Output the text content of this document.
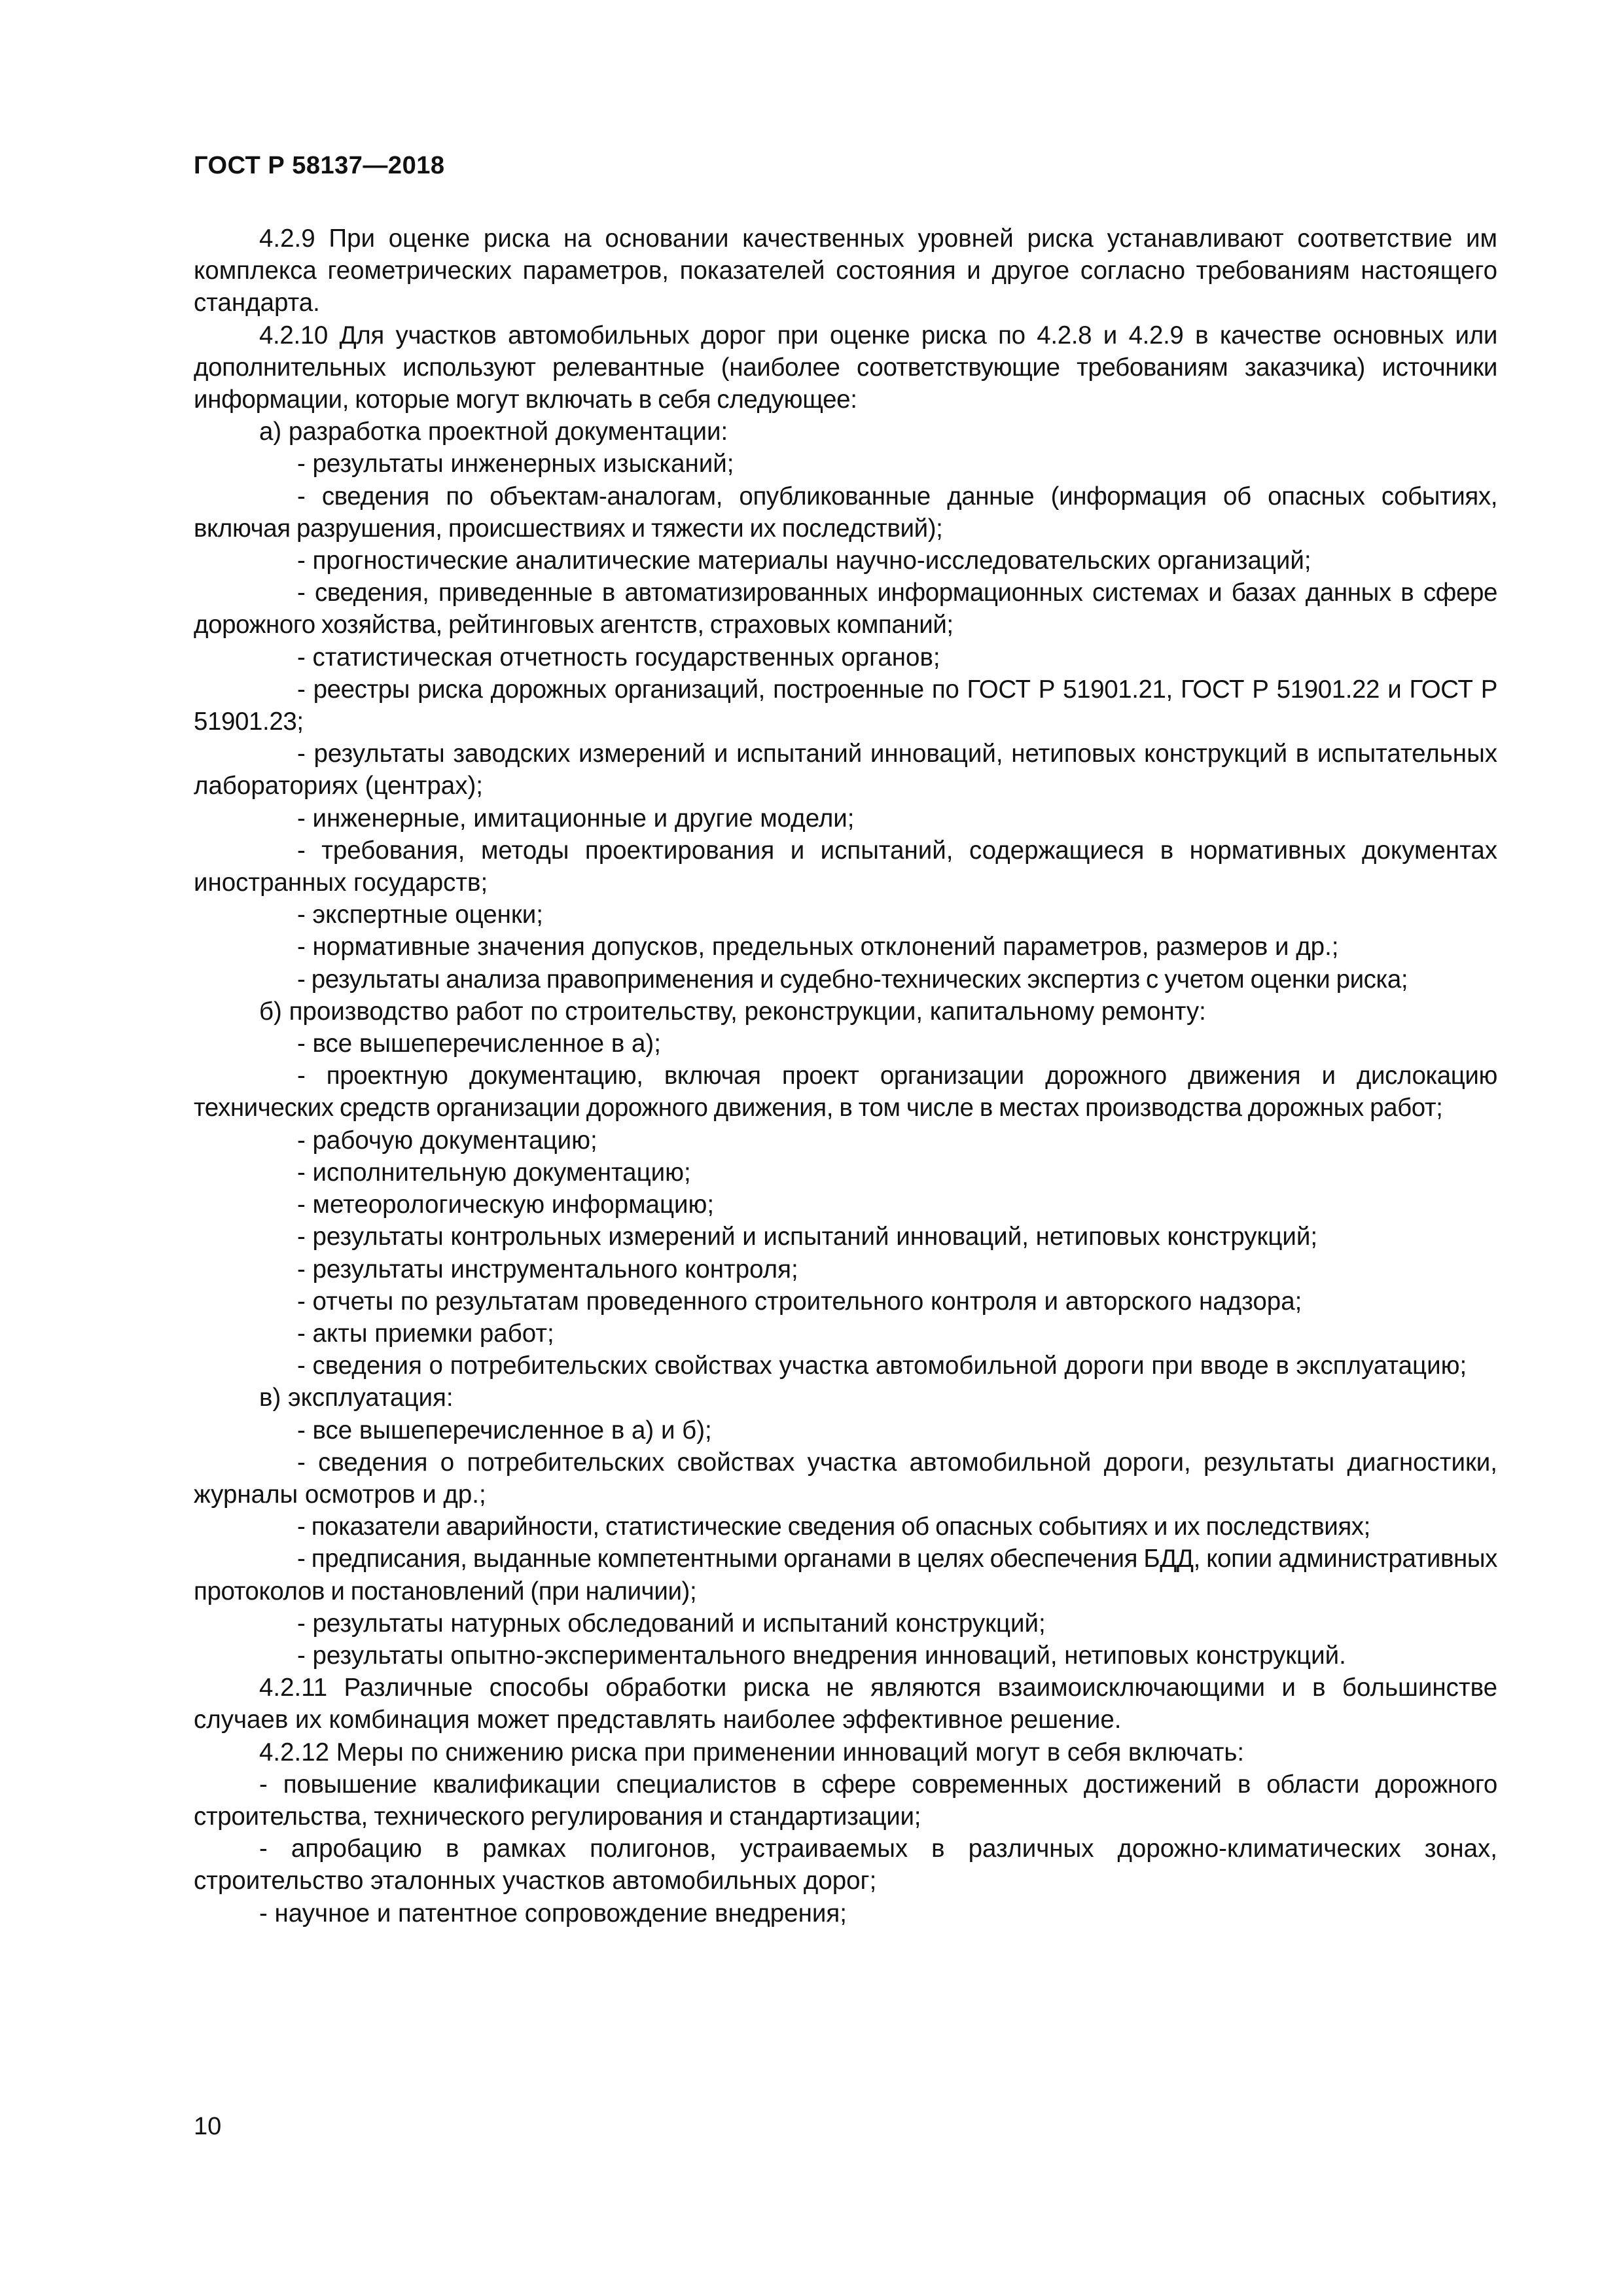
ГОСТ Р 58137—2018

4.2.9 При оценке риска на основании качественных уровней риска устанавливают соответствие им комплекса геометрических параметров, показателей состояния и другое согласно требованиям настоящего стандарта.

4.2.10 Для участков автомобильных дорог при оценке риска по 4.2.8 и 4.2.9 в качестве основных или дополнительных используют релевантные (наиболее соответствующие требованиям заказчика) источники информации, которые могут включать в себя следующее:

а) разработка проектной документации:

- результаты инженерных изысканий;

- сведения по объектам-аналогам, опубликованные данные (информация об опасных событиях, включая разрушения, происшествиях и тяжести их последствий);

- прогностические аналитические материалы научно-исследовательских организаций;

- сведения, приведенные в автоматизированных информационных системах и базах данных в сфере дорожного хозяйства, рейтинговых агентств, страховых компаний;

- статистическая отчетность государственных органов;

- реестры риска дорожных организаций, построенные по ГОСТ Р 51901.21, ГОСТ Р 51901.22 и ГОСТ Р 51901.23;

- результаты заводских измерений и испытаний инноваций, нетиповых конструкций в испытательных лабораториях (центрах);

- инженерные, имитационные и другие модели;

- требования, методы проектирования и испытаний, содержащиеся в нормативных документах иностранных государств;

- экспертные оценки;

- нормативные значения допусков, предельных отклонений параметров, размеров и др.;

- результаты анализа правоприменения и судебно-технических экспертиз с учетом оценки риска;

б) производство работ по строительству, реконструкции, капитальному ремонту:

- все вышеперечисленное в а);

- проектную документацию, включая проект организации дорожного движения и дислокацию технических средств организации дорожного движения, в том числе в местах производства дорожных работ;

- рабочую документацию;

- исполнительную документацию;

- метеорологическую информацию;

- результаты контрольных измерений и испытаний инноваций, нетиповых конструкций;

- результаты инструментального контроля;

- отчеты по результатам проведенного строительного контроля и авторского надзора;

- акты приемки работ;

- сведения о потребительских свойствах участка автомобильной дороги при вводе в эксплуатацию;

в) эксплуатация:

- все вышеперечисленное в а) и б);

- сведения о потребительских свойствах участка автомобильной дороги, результаты диагностики, журналы осмотров и др.;

- показатели аварийности, статистические сведения об опасных событиях и их последствиях;

- предписания, выданные компетентными органами в целях обеспечения БДД, копии административных протоколов и постановлений (при наличии);

- результаты натурных обследований и испытаний конструкций;

- результаты опытно-экспериментального внедрения инноваций, нетиповых конструкций.

4.2.11 Различные способы обработки риска не являются взаимоисключающими и в большинстве случаев их комбинация может представлять наиболее эффективное решение.

4.2.12 Меры по снижению риска при применении инноваций могут в себя включать:

- повышение квалификации специалистов в сфере современных достижений в области дорожного строительства, технического регулирования и стандартизации;

- апробацию в рамках полигонов, устраиваемых в различных дорожно-климатических зонах, строительство эталонных участков автомобильных дорог;

- научное и патентное сопровождение внедрения;

10
